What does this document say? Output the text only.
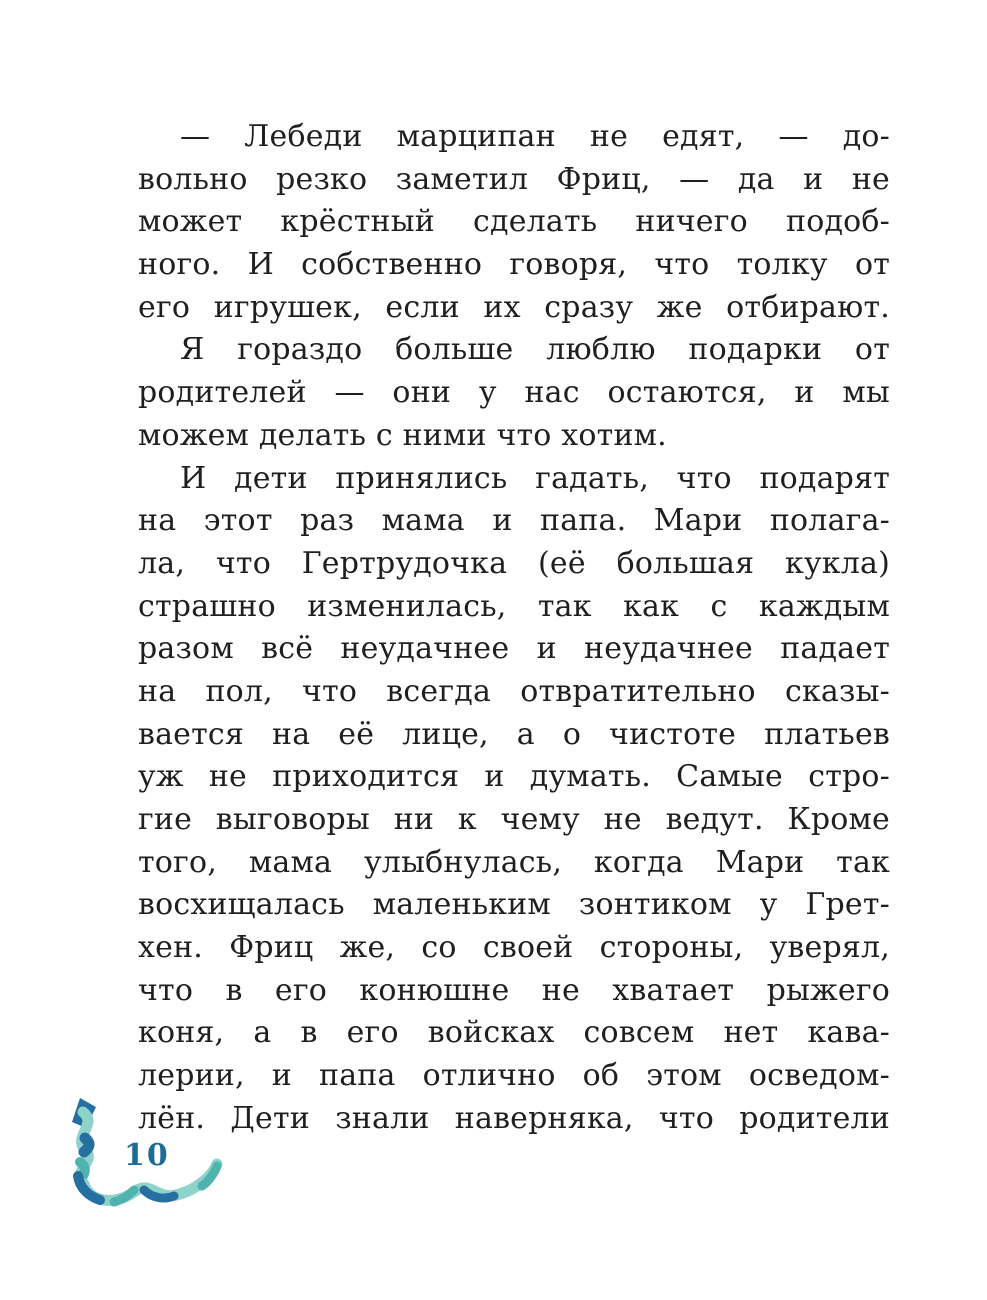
— Лебеди марципан не едят, — до-
вольно резко заметил Фриц, — да и не
может крёстный сделать ничего подоб-
ного. И собственно говоря, что толку от
его игрушек, если их сразу же отбирают.
Я гораздо больше люблю подарки от
родителей — они у нас остаются, и мы
можем делать с ними что хотим.
И дети принялись гадать, что подарят
на этот раз мама и папа. Мари полага-
ла, что Гертрудочка (её большая кукла)
страшно изменилась, так как с каждым
разом всё неудачнее и неудачнее падает
на пол, что всегда отвратительно сказы-
вается на её лице, а о чистоте платьев
уж не приходится и думать. Самые стро-
гие выговоры ни к чему не ведут. Кроме
того, мама улыбнулась, когда Мари так
восхищалась маленьким зонтиком у Грет-
хен. Фриц же, со своей стороны, уверял,
что в его конюшне не хватает рыжего
коня, а в его войсках совсем нет кава-
лерии, и папа отлично об этом осведом-
лён. Дети знали наверняка, что родители
10
